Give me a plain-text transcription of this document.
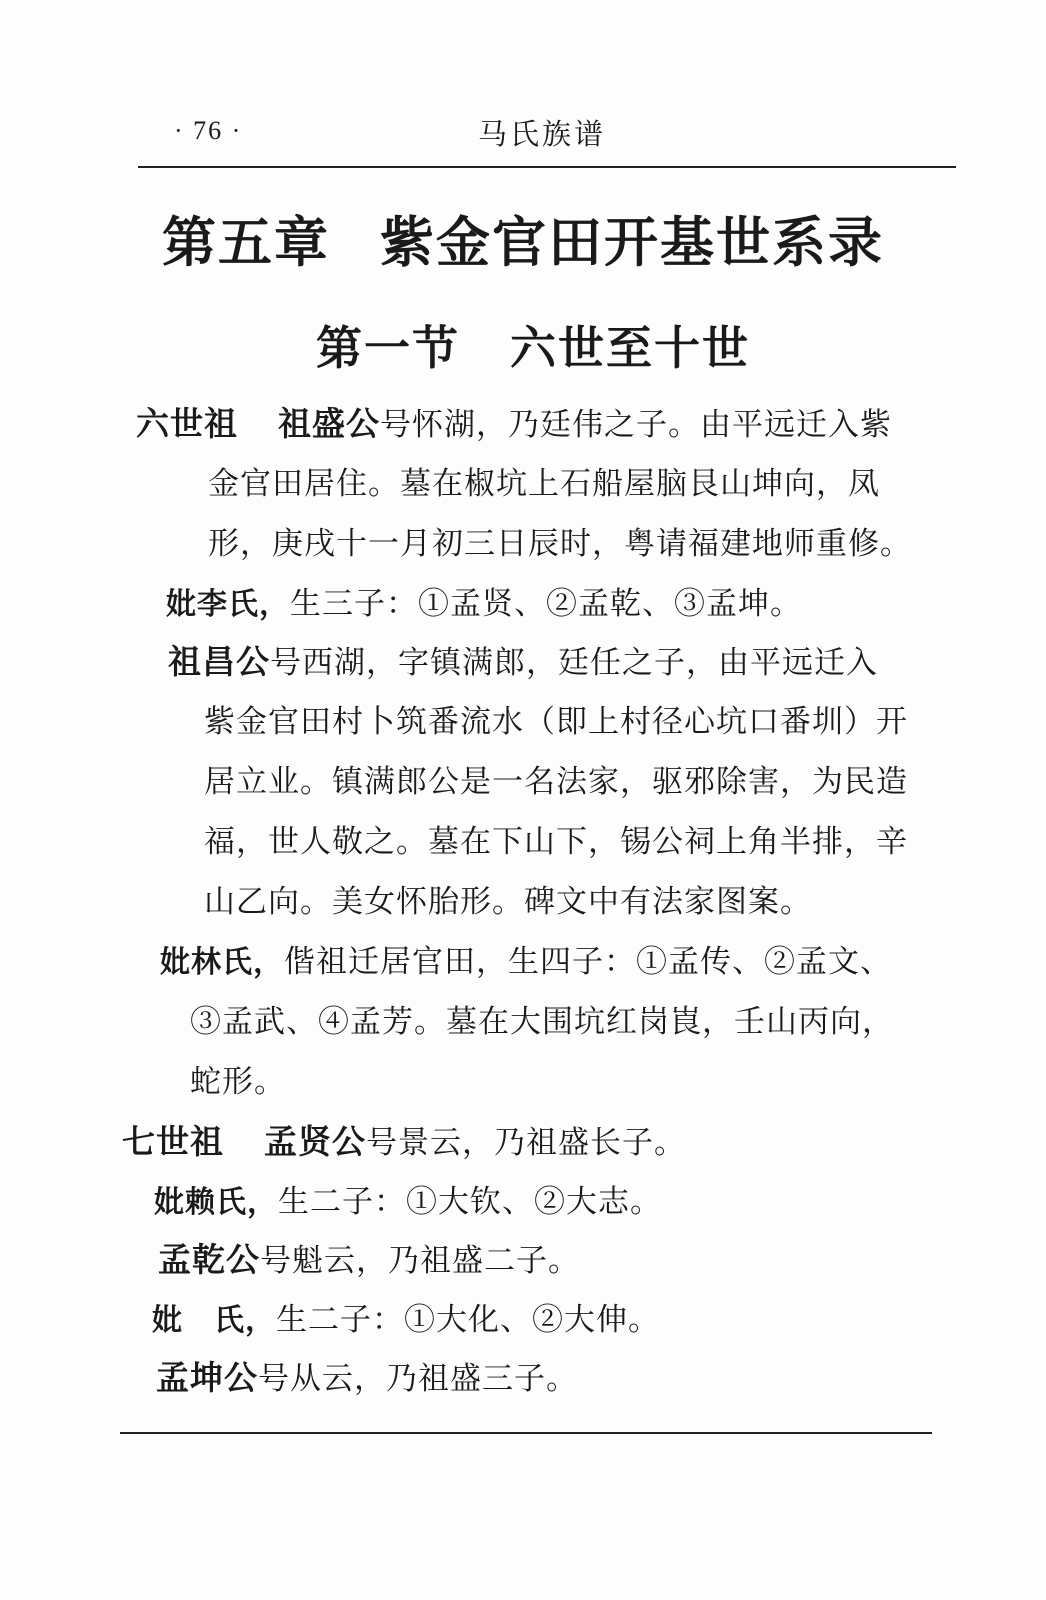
· 76 ·	马氏族谱
第五章 紫金官田开基世系录
第一节 六世至十世
六世祖 祖盛公号怀湖，乃廷伟之子。由平远迁入紫
金官田居住。墓在椒坑上石船屋脑艮山坤向，凤
形，庚戌十一月初三日辰时，粤请福建地师重修。
妣李氏，生三子：①孟贤、②孟乾、③孟坤。
祖昌公号西湖，字镇满郎，廷任之子，由平远迁入
紫金官田村卜筑番流水（即上村径心坑口番圳）开
居立业。镇满郎公是一名法家，驱邪除害，为民造
福，世人敬之。墓在下山下，锡公祠上角半排，辛
山乙向。美女怀胎形。碑文中有法家图案。
妣林氏，偕祖迁居官田，生四子：①孟传、②孟文、
③孟武、④孟芳。墓在大围坑红岗崀，壬山丙向，
蛇形。
七世祖 孟贤公号景云，乃祖盛长子。
妣赖氏，生二子：①大钦、②大志。
孟乾公号魁云，乃祖盛二子。
妣　氏，生二子：①大化、②大伸。
孟坤公号从云，乃祖盛三子。
